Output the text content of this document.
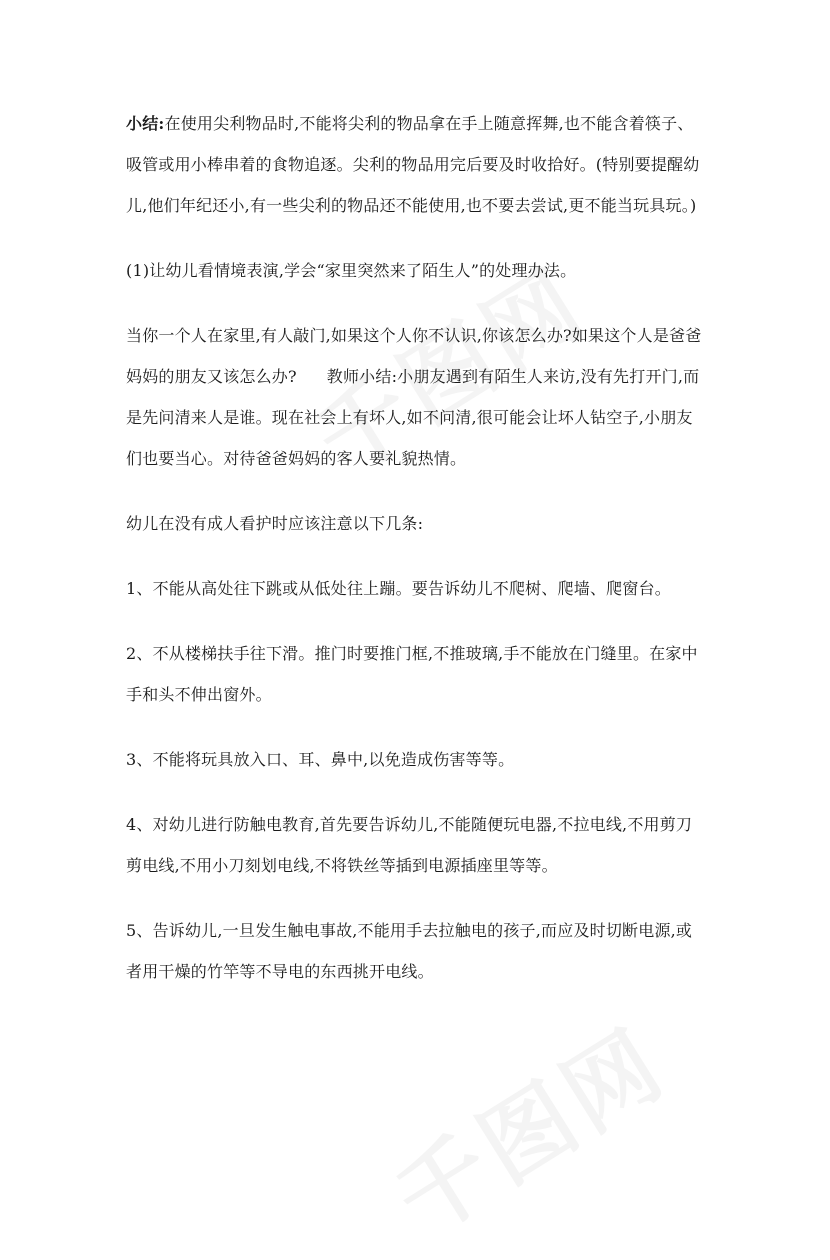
小结:在使用尖利物品时,不能将尖利的物品拿在手上随意挥舞,也不能含着筷子、吸管或用小棒串着的食物追逐。尖利的物品用完后要及时收拾好。(特别要提醒幼儿,他们年纪还小,有一些尖利的物品还不能使用,也不要去尝试,更不能当玩具玩。)

(1)让幼儿看情境表演,学会“家里突然来了陌生人”的处理办法。

当你一个人在家里,有人敲门,如果这个人你不认识,你该怎么办?如果这个人是爸爸妈妈的朋友又该怎么办? 教师小结:小朋友遇到有陌生人来访,没有先打开门,而是先问清来人是谁。现在社会上有坏人,如不问清,很可能会让坏人钻空子,小朋友们也要当心。对待爸爸妈妈的客人要礼貌热情。

幼儿在没有成人看护时应该注意以下几条:

1、不能从高处往下跳或从低处往上蹦。要告诉幼儿不爬树、爬墙、爬窗台。

2、不从楼梯扶手往下滑。推门时要推门框,不推玻璃,手不能放在门缝里。在家中手和头不伸出窗外。

3、不能将玩具放入口、耳、鼻中,以免造成伤害等等。

4、对幼儿进行防触电教育,首先要告诉幼儿,不能随便玩电器,不拉电线,不用剪刀剪电线,不用小刀刻划电线,不将铁丝等插到电源插座里等等。

5、告诉幼儿,一旦发生触电事故,不能用手去拉触电的孩子,而应及时切断电源,或者用干燥的竹竿等不导电的东西挑开电线。
